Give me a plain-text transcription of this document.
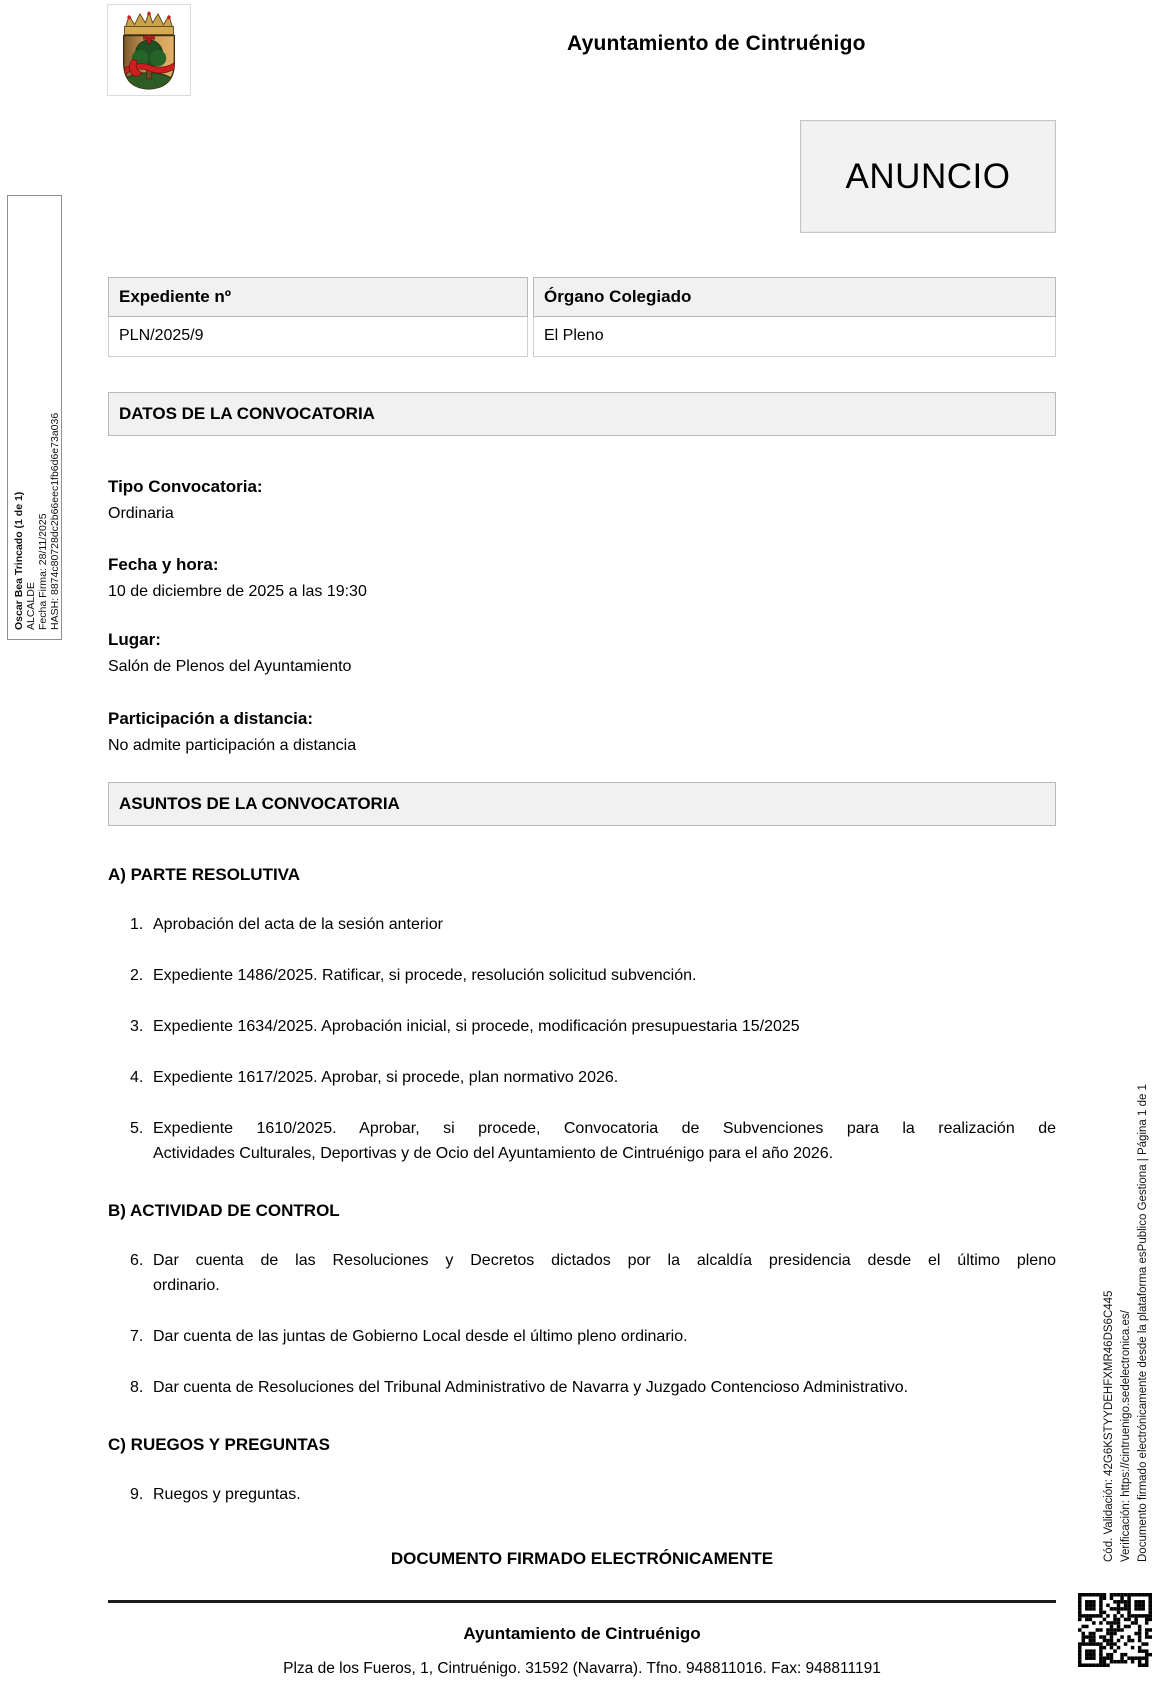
Ayuntamiento de Cintruénigo
ANUNCIO
Expediente nº	Órgano Colegiado
PLN/2025/9	El Pleno
DATOS DE LA CONVOCATORIA
Tipo Convocatoria:
Ordinaria
Fecha y hora:
10 de diciembre de 2025 a las 19:30
Lugar:
Salón de Plenos del Ayuntamiento
Participación a distancia:
No admite participación a distancia
ASUNTOS DE LA CONVOCATORIA
A) PARTE RESOLUTIVA
1. Aprobación del acta de la sesión anterior
2. Expediente 1486/2025. Ratificar, si procede, resolución solicitud subvención.
3. Expediente 1634/2025. Aprobación inicial, si procede, modificación presupuestaria 15/2025
4. Expediente 1617/2025. Aprobar, si procede, plan normativo 2026.
5. Expediente 1610/2025. Aprobar, si procede, Convocatoria de Subvenciones para la realización de
Actividades Culturales, Deportivas y de Ocio del Ayuntamiento de Cintruénigo para el año 2026.
B) ACTIVIDAD DE CONTROL
6. Dar cuenta de las Resoluciones y Decretos dictados por la alcaldía presidencia desde el último pleno
ordinario.
7. Dar cuenta de las juntas de Gobierno Local desde el último pleno ordinario.
8. Dar cuenta de Resoluciones del Tribunal Administrativo de Navarra y Juzgado Contencioso Administrativo.
C) RUEGOS Y PREGUNTAS
9. Ruegos y preguntas.
DOCUMENTO FIRMADO ELECTRÓNICAMENTE
Ayuntamiento de Cintruénigo
Plza de los Fueros, 1, Cintruénigo. 31592 (Navarra). Tfno. 948811016. Fax: 948811191
Oscar Bea Trincado (1 de 1) ALCALDE Fecha Firma: 28/11/2025 HASH: 8874c80728dc2b66eec1fb6d6e73a036
Cód. Validación: 42G6KSTYYDEHFXMR46DS6C445 Verificación: https://cintruenigo.sedelectronica.es/ Documento firmado electrónicamente desde la plataforma esPublico Gestiona | Página 1 de 1
